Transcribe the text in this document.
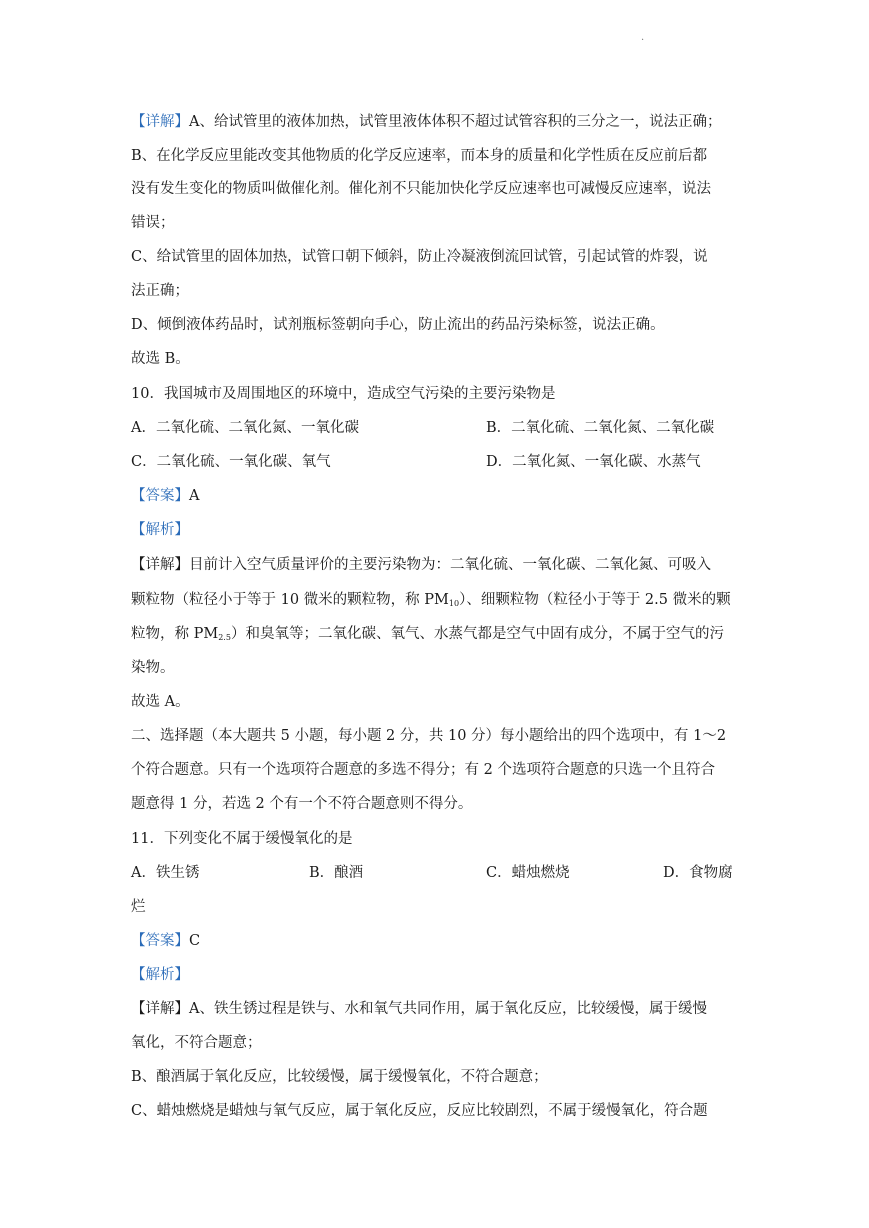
.
【详解】A、给试管里的液体加热，试管里液体体积不超过试管容积的三分之一，说法正确；
B、在化学反应里能改变其他物质的化学反应速率，而本身的质量和化学性质在反应前后都
没有发生变化的物质叫做催化剂。催化剂不只能加快化学反应速率也可减慢反应速率，说法
错误；
C、给试管里的固体加热，试管口朝下倾斜，防止冷凝液倒流回试管，引起试管的炸裂，说
法正确；
D、倾倒液体药品时，试剂瓶标签朝向手心，防止流出的药品污染标签，说法正确。
故选 B。
10．我国城市及周围地区的环境中，造成空气污染的主要污染物是
A．二氧化硫、二氧化氮、一氧化碳	B．二氧化硫、二氧化氮、二氧化碳
C．二氧化硫、一氧化碳、氧气	D．二氧化氮、一氧化碳、水蒸气
【答案】A
【解析】
【详解】目前计入空气质量评价的主要污染物为：二氧化硫、一氧化碳、二氧化氮、可吸入
颗粒物（粒径小于等于 10 微米的颗粒物，称 $PM_{10}$）、细颗粒物（粒径小于等于 2.5 微米的颗
粒物，称 $PM_{2.5}$）和臭氧等；二氧化碳、氧气、水蒸气都是空气中固有成分，不属于空气的污
染物。
故选 A。
二、选择题（本大题共 5 小题，每小题 2 分，共 10 分）每小题给出的四个选项中，有 1～2
个符合题意。只有一个选项符合题意的多选不得分；有 2 个选项符合题意的只选一个且符合
题意得 1 分，若选 2 个有一个不符合题意则不得分。
11．下列变化不属于缓慢氧化的是
A．铁生锈	B．酿酒	C．蜡烛燃烧	D．食物腐
烂
【答案】C
【解析】
【详解】A、铁生锈过程是铁与、水和氧气共同作用，属于氧化反应，比较缓慢，属于缓慢
氧化，不符合题意；
B、酿酒属于氧化反应，比较缓慢，属于缓慢氧化，不符合题意；
C、蜡烛燃烧是蜡烛与氧气反应，属于氧化反应，反应比较剧烈，不属于缓慢氧化，符合题
